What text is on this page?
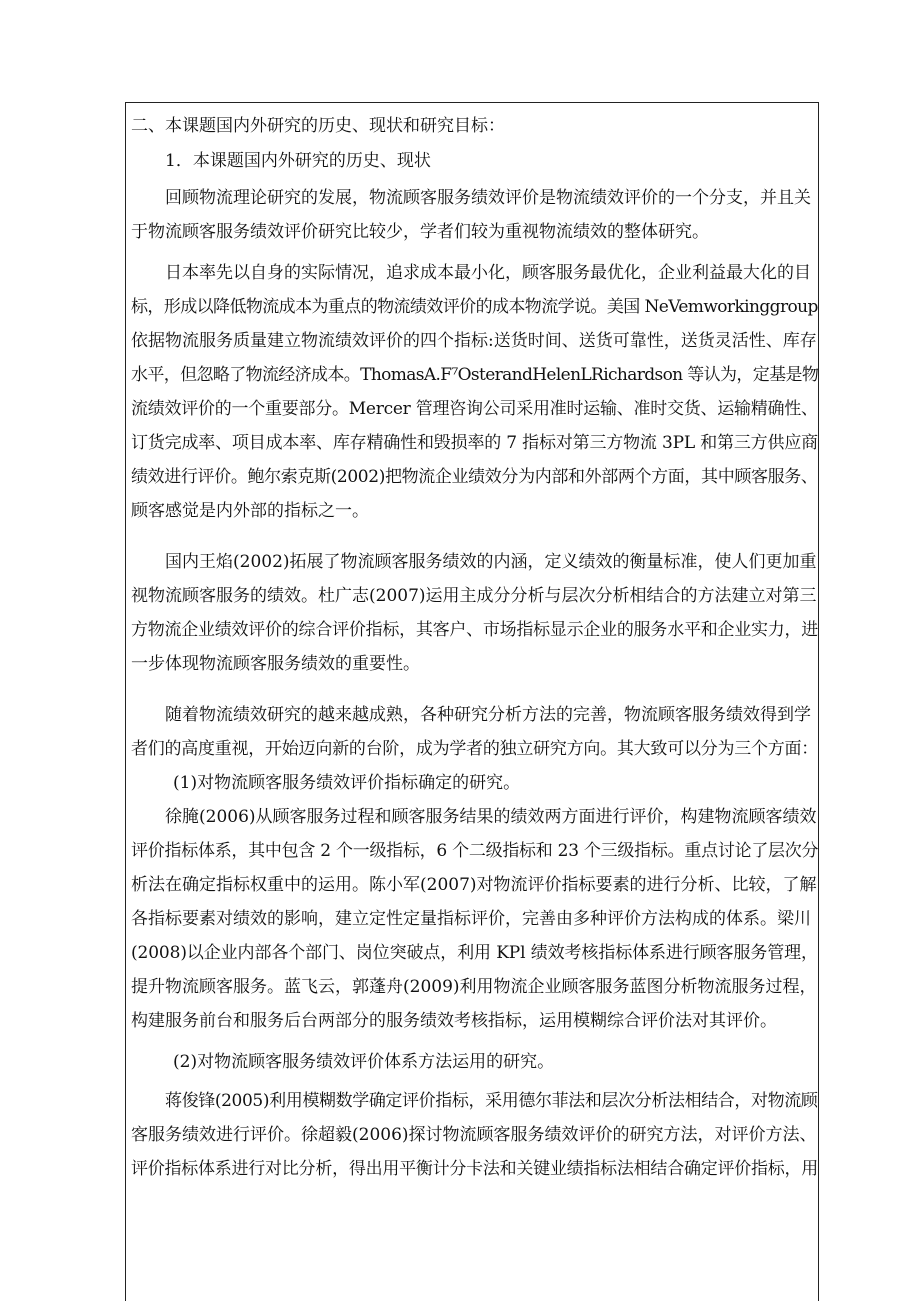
二、本课题国内外研究的历史、现状和研究目标：
1．本课题国内外研究的历史、现状
回顾物流理论研究的发展，物流顾客服务绩效评价是物流绩效评价的一个分支，并且关
于物流顾客服务绩效评价研究比较少，学者们较为重视物流绩效的整体研究。
日本率先以自身的实际情况，追求成本最小化，顾客服务最优化，企业利益最大化的目
标，形成以降低物流成本为重点的物流绩效评价的成本物流学说。美国 NeVemworkinggroup
依据物流服务质量建立物流绩效评价的四个指标:送货时间、送货可靠性，送货灵活性、库存
水平，但忽略了物流经济成本。ThomasA.F⁷OsterandHelenLRichardson 等认为，定基是物
流绩效评价的一个重要部分。Mercer 管理咨询公司采用准时运输、准时交货、运输精确性、
订货完成率、项目成本率、库存精确性和毁损率的 7 指标对第三方物流 3PL 和第三方供应商
绩效进行评价。鲍尔索克斯(2002)把物流企业绩效分为内部和外部两个方面，其中顾客服务、
顾客感觉是内外部的指标之一。
国内王焰(2002)拓展了物流顾客服务绩效的内涵，定义绩效的衡量标准，使人们更加重
视物流顾客服务的绩效。杜广志(2007)运用主成分分析与层次分析相结合的方法建立对第三
方物流企业绩效评价的综合评价指标，其客户、市场指标显示企业的服务水平和企业实力，进
一步体现物流顾客服务绩效的重要性。
随着物流绩效研究的越来越成熟，各种研究分析方法的完善，物流顾客服务绩效得到学
者们的高度重视，开始迈向新的台阶，成为学者的独立研究方向。其大致可以分为三个方面：
(1)对物流顾客服务绩效评价指标确定的研究。
徐腌(2006)从顾客服务过程和顾客服务结果的绩效两方面进行评价，构建物流顾客绩效
评价指标体系，其中包含 2 个一级指标，6 个二级指标和 23 个三级指标。重点讨论了层次分
析法在确定指标权重中的运用。陈小军(2007)对物流评价指标要素的进行分析、比较，了解
各指标要素对绩效的影响，建立定性定量指标评价，完善由多种评价方法构成的体系。梁川
(2008)以企业内部各个部门、岗位突破点，利用 KPl 绩效考核指标体系进行顾客服务管理，
提升物流顾客服务。蓝飞云，郭蓬舟(2009)利用物流企业顾客服务蓝图分析物流服务过程，
构建服务前台和服务后台两部分的服务绩效考核指标，运用模糊综合评价法对其评价。
(2)对物流顾客服务绩效评价体系方法运用的研究。
蒋俊锋(2005)利用模糊数学确定评价指标，采用德尔菲法和层次分析法相结合，对物流顾
客服务绩效进行评价。徐超毅(2006)探讨物流顾客服务绩效评价的研究方法，对评价方法、
评价指标体系进行对比分析，得出用平衡计分卡法和关键业绩指标法相结合确定评价指标，用
